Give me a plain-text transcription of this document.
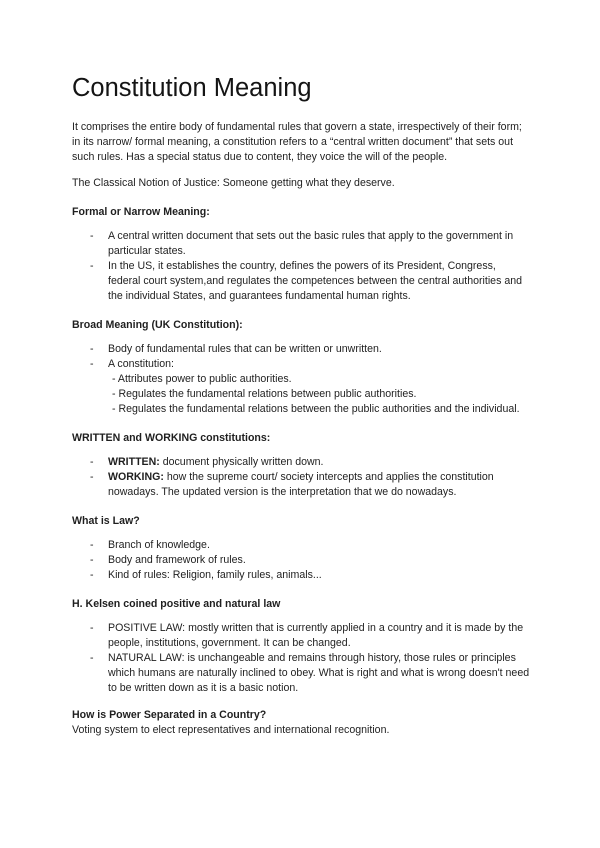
Constitution Meaning

It comprises the entire body of fundamental rules that govern a state, irrespectively of their form; in its narrow/ formal meaning, a constitution refers to a “central written document” that sets out such rules. Has a special status due to content, they voice the will of the people.

The Classical Notion of Justice: Someone getting what they deserve.

Formal or Narrow Meaning:
- A central written document that sets out the basic rules that apply to the government in particular states.
- In the US, it establishes the country, defines the powers of its President, Congress, federal court system,and regulates the competences between the central authorities and the individual States, and guarantees fundamental human rights.
Broad Meaning (UK Constitution):
- Body of fundamental rules that can be written or unwritten.
- A constitution:
- Attributes power to public authorities.
- Regulates the fundamental relations between public authorities.
- Regulates the fundamental relations between the public authorities and the individual.
WRITTEN and WORKING constitutions:
- WRITTEN: document physically written down.
- WORKING: how the supreme court/ society intercepts and applies the constitution nowadays. The updated version is the interpretation that we do nowadays.
What is Law?
- Branch of knowledge.
- Body and framework of rules.
- Kind of rules: Religion, family rules, animals...
H. Kelsen coined positive and natural law
- POSITIVE LAW: mostly written that is currently applied in a country and it is made by the people, institutions, government. It can be changed.
- NATURAL LAW: is unchangeable and remains through history, those rules or principles which humans are naturally inclined to obey. What is right and what is wrong doesn't need to be written down as it is a basic notion.
How is Power Separated in a Country?
Voting system to elect representatives and international recognition.
